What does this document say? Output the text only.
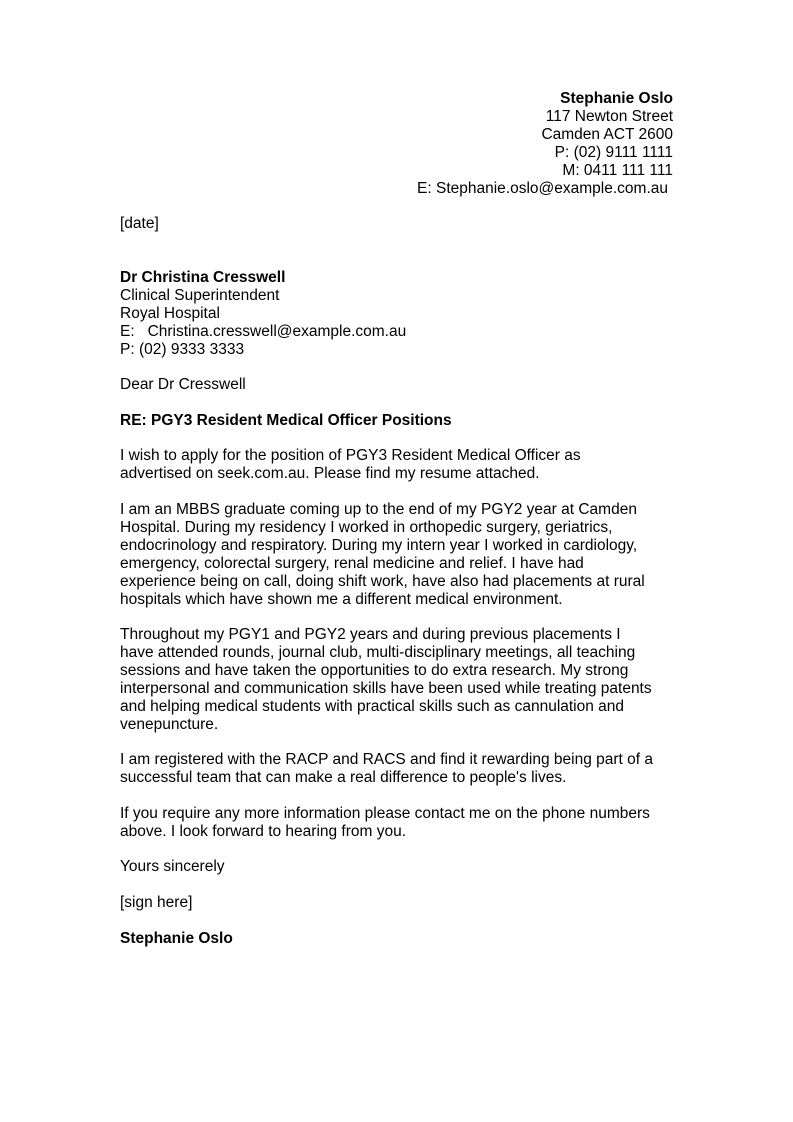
Stephanie Oslo
117 Newton Street
Camden ACT 2600
P: (02) 9111 1111
M: 0411 111 111
E: Stephanie.oslo@example.com.au
[date]
Dr Christina Cresswell
Clinical Superintendent
Royal Hospital
E:   Christina.cresswell@example.com.au
P: (02) 9333 3333
Dear Dr Cresswell
RE: PGY3 Resident Medical Officer Positions
I wish to apply for the position of PGY3 Resident Medical Officer as
advertised on seek.com.au. Please find my resume attached.
I am an MBBS graduate coming up to the end of my PGY2 year at Camden
Hospital. During my residency I worked in orthopedic surgery, geriatrics,
endocrinology and respiratory. During my intern year I worked in cardiology,
emergency, colorectal surgery, renal medicine and relief. I have had
experience being on call, doing shift work, have also had placements at rural
hospitals which have shown me a different medical environment.
Throughout my PGY1 and PGY2 years and during previous placements I
have attended rounds, journal club, multi-disciplinary meetings, all teaching
sessions and have taken the opportunities to do extra research. My strong
interpersonal and communication skills have been used while treating patents
and helping medical students with practical skills such as cannulation and
venepuncture.
I am registered with the RACP and RACS and find it rewarding being part of a
successful team that can make a real difference to people's lives.
If you require any more information please contact me on the phone numbers
above. I look forward to hearing from you.
Yours sincerely
[sign here]
Stephanie Oslo
